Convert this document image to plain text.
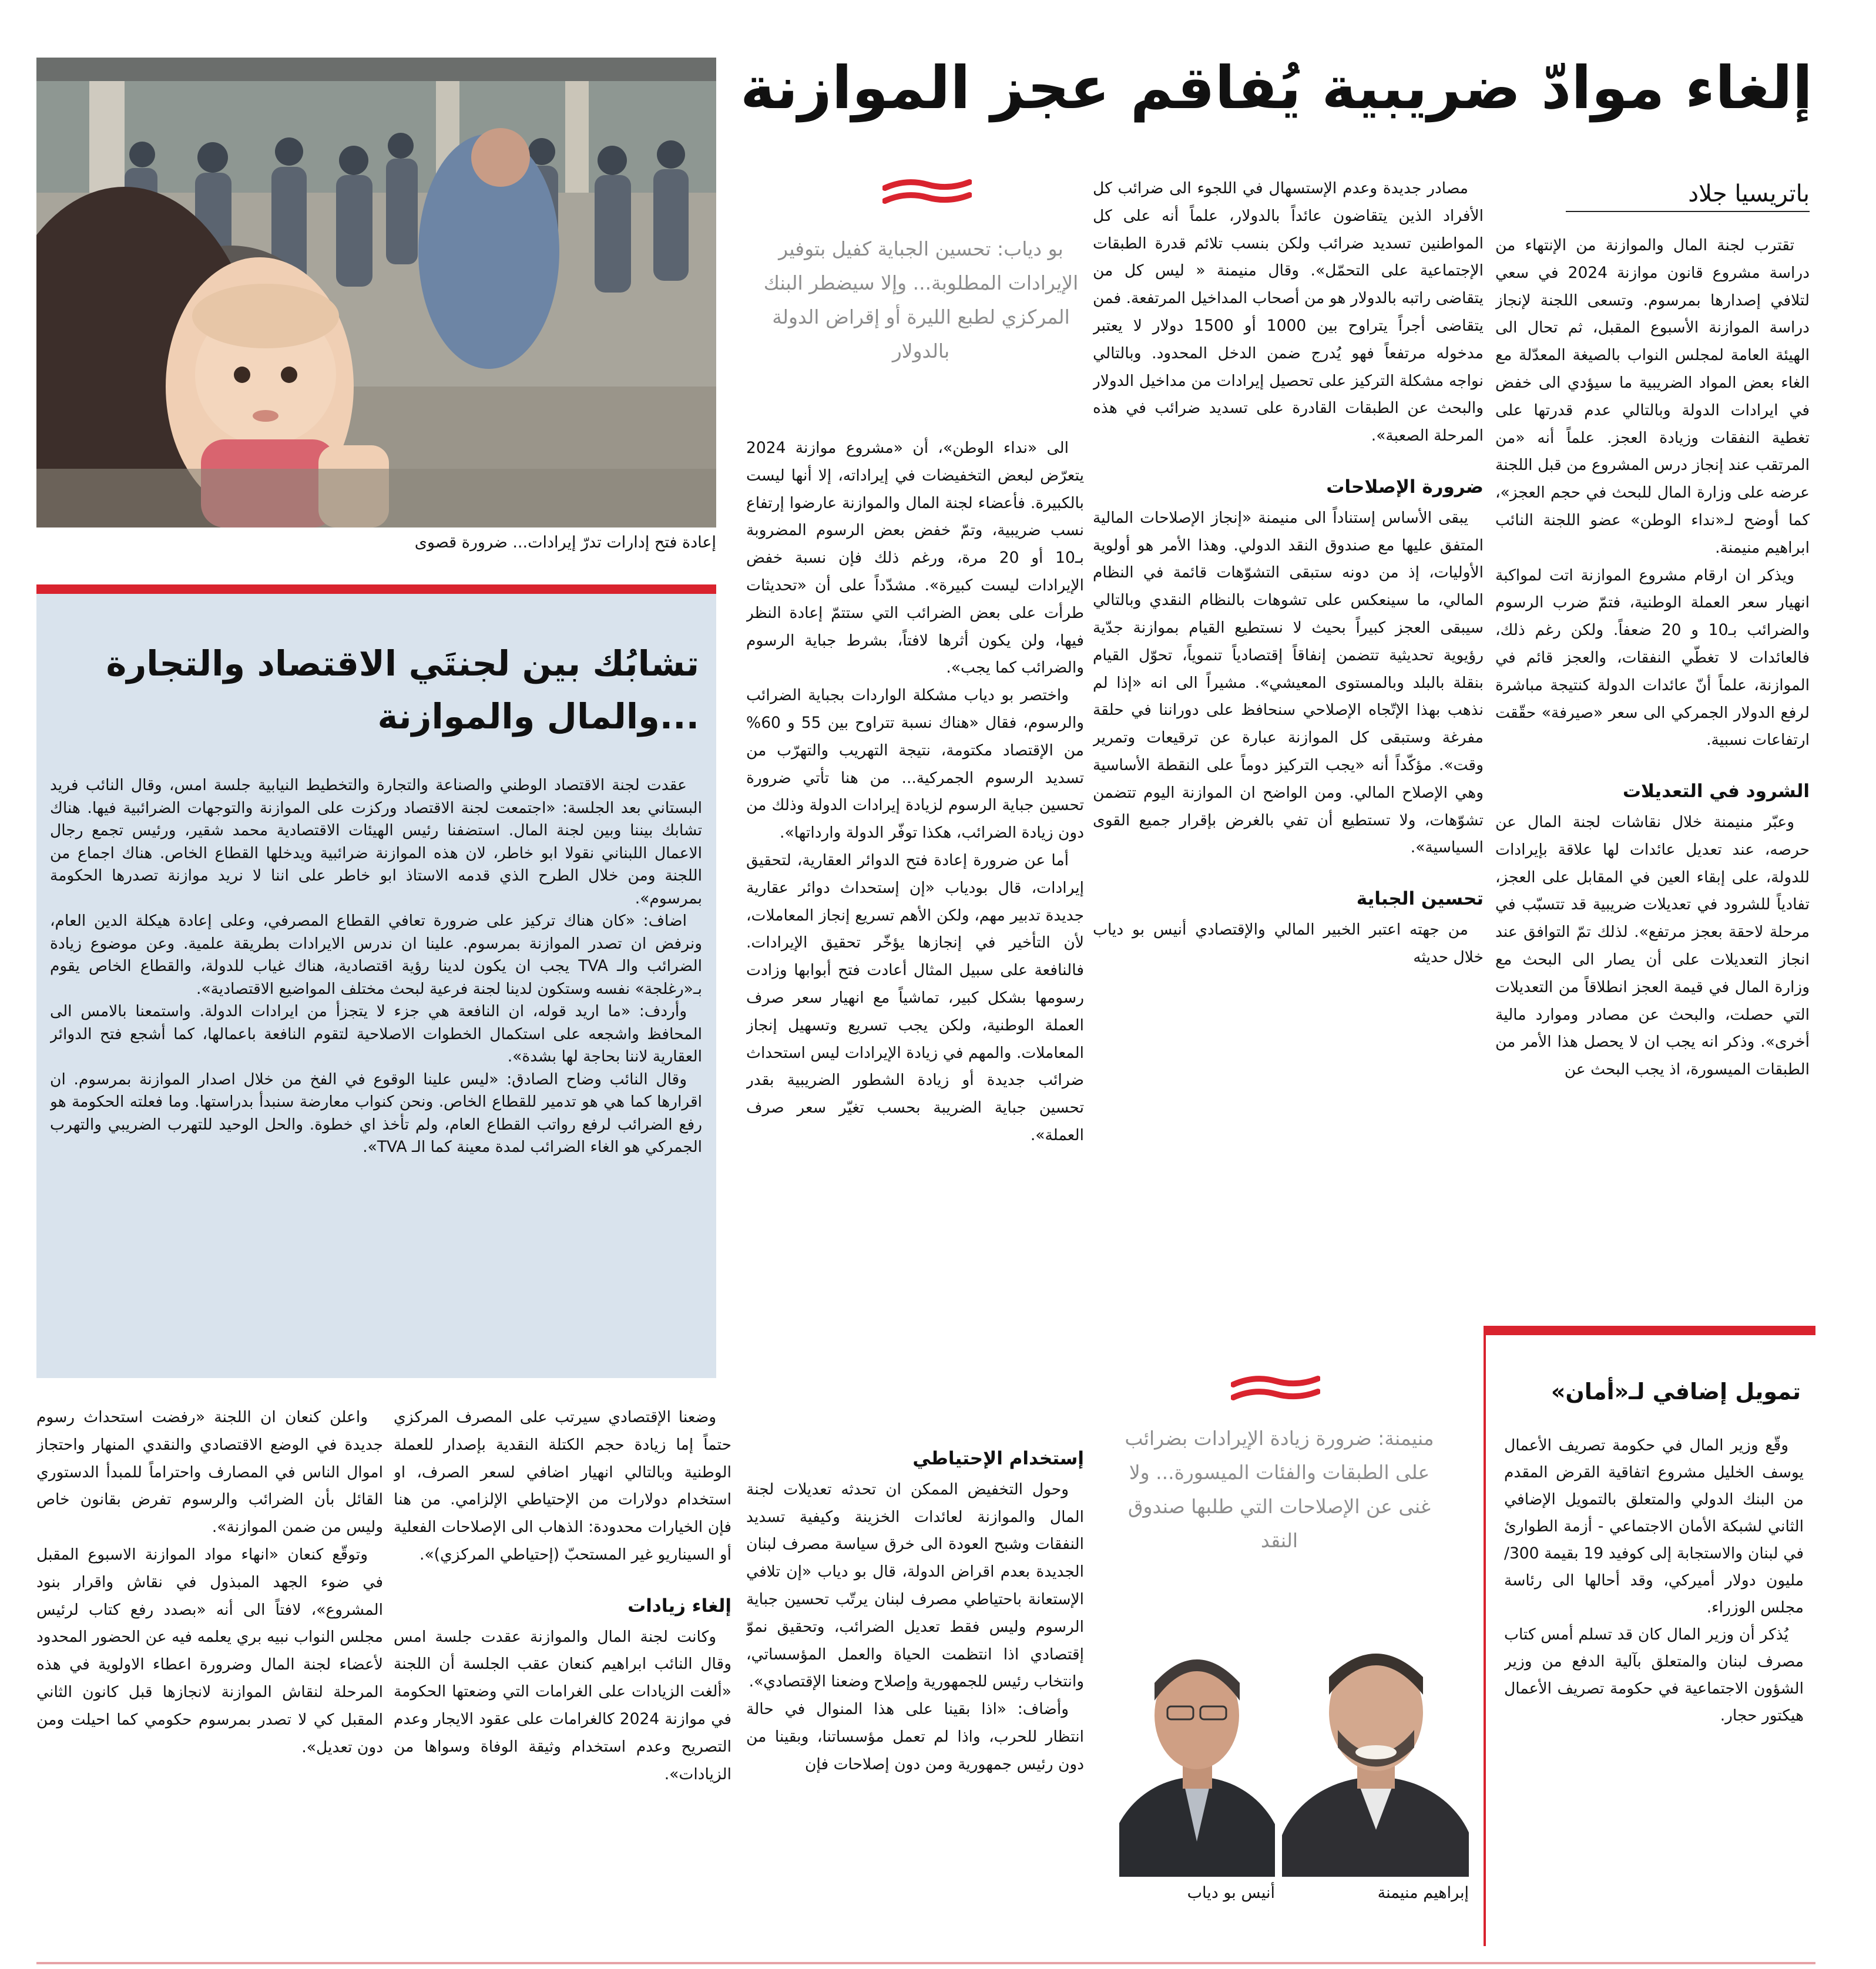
إلغاء موادّ ضريبية يُفاقم عجز الموازنة
باتريسيا جلاد

تقترب لجنة المال والموازنة من الإنتهاء من دراسة مشروع قانون موازنة 2024 في سعي لتلافي إصدارها بمرسوم. وتسعى اللجنة لإنجاز دراسة الموازنة الأسبوع المقبل، ثم تحال الى الهيئة العامة لمجلس النواب بالصيغة المعدّلة مع الغاء بعض المواد الضريبية ما سيؤدي الى خفض في ايرادات الدولة وبالتالي عدم قدرتها على تغطية النفقات وزيادة العجز. علماً أنه «من المرتقب عند إنجاز درس المشروع من قبل اللجنة عرضه على وزارة المال للبحث في حجم العجز»، كما أوضح لـ«نداء الوطن» عضو اللجنة النائب ابراهيم منيمنة.

ويذكر ان ارقام مشروع الموازنة اتت لمواكبة انهيار سعر العملة الوطنية، فتمّ ضرب الرسوم والضرائب بـ10 و 20 ضعفاً. ولكن رغم ذلك، فالعائدات لا تغطّي النفقات، والعجز قائم في الموازنة، علماً أنّ عائدات الدولة كنتيجة مباشرة لرفع الدولار الجمركي الى سعر «صيرفة» حقّقت ارتفاعات نسبية.

الشرود في التعديلات

وعبّر منيمنة خلال نقاشات لجنة المال عن حرصه، عند تعديل عائدات لها علاقة بإيرادات للدولة، على إبقاء العين في المقابل على العجز، تفادياً للشرود في تعديلات ضريبية قد تتسبّب في مرحلة لاحقة بعجز مرتفع». لذلك تمّ التوافق عند انجاز التعديلات على أن يصار الى البحث مع وزارة المال في قيمة العجز انطلاقاً من التعديلات التي حصلت، والبحث عن مصادر وموارد مالية أخرى». وذكر انه يجب ان لا يحصل هذا الأمر من الطبقات الميسورة، اذ يجب البحث عن

مصادر جديدة وعدم الإستسهال في اللجوء الى ضرائب كل الأفراد الذين يتقاضون عائداً بالدولار، علماً أنه على كل المواطنين تسديد ضرائب ولكن بنسب تلائم قدرة الطبقات الإجتماعية على التحمّل». وقال منيمنة « ليس كل من يتقاضى راتبه بالدولار هو من أصحاب المداخيل المرتفعة. فمن يتقاضى أجراً يتراوح بين 1000 أو 1500 دولار لا يعتبر مدخوله مرتفعاً فهو يُدرج ضمن الدخل المحدود. وبالتالي نواجه مشكلة التركيز على تحصيل إيرادات من مداخيل الدولار والبحث عن الطبقات القادرة على تسديد ضرائب في هذه المرحلة الصعبة».

ضرورة الإصلاحات

يبقى الأساس إستناداً الى منيمنة «إنجاز الإصلاحات المالية المتفق عليها مع صندوق النقد الدولي. وهذا الأمر هو أولوية الأوليات، إذ من دونه ستبقى التشوّهات قائمة في النظام المالي، ما سينعكس على تشوهات بالنظام النقدي وبالتالي سيبقى العجز كبيراً بحيث لا نستطيع القيام بموازنة جدّية رؤيوية تحديثية تتضمن إنفاقاً إقتصادياً تنموياً، تحوّل القيام بنقلة بالبلد وبالمستوى المعيشي». مشيراً الى انه «إذا لم نذهب بهذا الإتّجاه الإصلاحي سنحافظ على دوراننا في حلقة مفرغة وستبقى كل الموازنة عبارة عن ترقيعات وتمرير وقت». مؤكّداً أنه «يجب التركيز دوماً على النقطة الأساسية وهي الإصلاح المالي. ومن الواضح ان الموازنة اليوم تتضمن تشوّهات، ولا تستطيع أن تفي بالغرض بإقرار جميع القوى السياسية».

تحسين الجباية

من جهته اعتبر الخبير المالي والإقتصادي أنيس بو دياب خلال حديثه

الى «نداء الوطن»، أن «مشروع موازنة 2024 يتعرّض لبعض التخفيضات في إيراداته، إلا أنها ليست بالكبيرة. فأعضاء لجنة المال والموازنة عارضوا إرتفاع نسب ضريبية، وتمّ خفض بعض الرسوم المضروبة بـ10 أو 20 مرة، ورغم ذلك فإن نسبة خفض الإيرادات ليست كبيرة». مشدّداً على أن «تحديثات طرأت على بعض الضرائب التي ستتمّ إعادة النظر فيها، ولن يكون أثرها لافتاً، بشرط جباية الرسوم والضرائب كما يجب».

واختصر بو دياب مشكلة الواردات بجباية الضرائب والرسوم، فقال «هناك نسبة تتراوح بين 55 و 60% من الإقتصاد مكتومة، نتيجة التهريب والتهرّب من تسديد الرسوم الجمركية... من هنا تأتي ضرورة تحسين جباية الرسوم لزيادة إيرادات الدولة وذلك من دون زيادة الضرائب، هكذا توفّر الدولة وارداتها».

أما عن ضرورة إعادة فتح الدوائر العقارية، لتحقيق إيرادات، قال بودياب «إن إستحداث دوائر عقارية جديدة تدبير مهم، ولكن الأهم تسريع إنجاز المعاملات، لأن التأخير في إنجازها يؤخّر تحقيق الإيرادات. فالنافعة على سبيل المثال أعادت فتح أبوابها وزادت رسومها بشكل كبير، تماشياً مع انهيار سعر صرف العملة الوطنية، ولكن يجب تسريع وتسهيل إنجاز المعاملات. والمهم في زيادة الإيرادات ليس استحداث ضرائب جديدة أو زيادة الشطور الضريبية بقدر تحسين جباية الضريبة بحسب تغيّر سعر صرف العملة».

إستخدام الإحتياطي

وحول التخفيض الممكن ان تحدثه تعديلات لجنة المال والموازنة لعائدات الخزينة وكيفية تسديد النفقات وشبح العودة الى خرق سياسة مصرف لبنان الجديدة بعدم اقراض الدولة، قال بو دياب «إن تلافي الإستعانة باحتياطي مصرف لبنان يرتّب تحسين جباية الرسوم وليس فقط تعديل الضرائب، وتحقيق نموّ إقتصادي اذا انتظمت الحياة والعمل المؤسساتي، وانتخاب رئيس للجمهورية وإصلاح وضعنا الإقتصادي».

وأضاف: «اذا بقينا على هذا المنوال في حالة انتظار للحرب، واذا لم تعمل مؤسساتنا، وبقينا من دون رئيس جمهورية ومن دون إصلاحات فإن

وضعنا الإقتصادي سيرتب على المصرف المركزي حتماً إما زيادة حجم الكتلة النقدية بإصدار للعملة الوطنية وبالتالي انهيار اضافي لسعر الصرف، او استخدام دولارات من الإحتياطي الإلزامي. من هنا فإن الخيارات محدودة: الذهاب الى الإصلاحات الفعلية أو السيناريو غير المستحبّ (إحتياطي المركزي)».

إلغاء زيادات

وكانت لجنة المال والموازنة عقدت جلسة امس وقال النائب ابراهيم كنعان عقب الجلسة أن اللجنة «ألغت الزيادات على الغرامات التي وضعتها الحكومة في موازنة 2024 كالغرامات على عقود الايجار وعدم التصريح وعدم استخدام وثيقة الوفاة وسواها من الزيادات».

واعلن كنعان ان اللجنة «رفضت استحداث رسوم جديدة في الوضع الاقتصادي والنقدي المنهار واحتجاز اموال الناس في المصارف واحتراماً للمبدأ الدستوري القائل بأن الضرائب والرسوم تفرض بقانون خاص وليس من ضمن الموازنة».

وتوقّع كنعان «انهاء مواد الموازنة الاسبوع المقبل في ضوء الجهد المبذول في نقاش واقرار بنود المشروع»، لافتاً الى أنه «بصدد رفع كتاب لرئيس مجلس النواب نبيه بري يعلمه فيه عن الحضور المحدود لأعضاء لجنة المال وضرورة اعطاء الاولوية في هذه المرحلة لنقاش الموازنة لانجازها قبل كانون الثاني المقبل كي لا تصدر بمرسوم حكومي كما احيلت ومن دون تعديل».

بو دياب: تحسين الجباية كفيل بتوفير الإيرادات المطلوبة... وإلا سيضطر البنك المركزي لطبع الليرة أو إقراض الدولة بالدولار
منيمنة: ضرورة زيادة الإيرادات بضرائب على الطبقات والفئات الميسورة... ولا غنى عن الإصلاحات التي طلبها صندوق النقد
إعادة فتح إدارات تدرّ إيرادات... ضرورة قصوى
تشابُك بين لجنتَي الاقتصاد والتجارة
...والمال والموازنة

عقدت لجنة الاقتصاد الوطني والصناعة والتجارة والتخطيط النيابية جلسة امس، وقال النائب فريد البستاني بعد الجلسة: «اجتمعت لجنة الاقتصاد وركزت على الموازنة والتوجهات الضرائبية فيها. هناك تشابك بيننا وبين لجنة المال. استضفنا رئيس الهيئات الاقتصادية محمد شقير، ورئيس تجمع رجال الاعمال اللبناني نقولا ابو خاطر، لان هذه الموازنة ضرائبية ويدخلها القطاع الخاص. هناك اجماع من اللجنة ومن خلال الطرح الذي قدمه الاستاذ ابو خاطر على اننا لا نريد موازنة تصدرها الحكومة بمرسوم».

اضاف: «كان هناك تركيز على ضرورة تعافي القطاع المصرفي، وعلى إعادة هيكلة الدين العام، ونرفض ان تصدر الموازنة بمرسوم. علينا ان ندرس الايرادات بطريقة علمية. وعن موضوع زيادة الضرائب والـ TVA يجب ان يكون لدينا رؤية اقتصادية، هناك غياب للدولة، والقطاع الخاص يقوم بـ«رغلجة» نفسه وستكون لدينا لجنة فرعية لبحث مختلف المواضيع الاقتصادية».

وأردف: «ما اريد قوله، ان النافعة هي جزء لا يتجزأ من ايرادات الدولة. واستمعنا بالامس الى المحافظ واشجعه على استكمال الخطوات الاصلاحية لتقوم النافعة باعمالها، كما أشجع فتح الدوائر العقارية لاننا بحاجة لها بشدة».

وقال النائب وضاح الصادق: «ليس علينا الوقوع في الفخ من خلال اصدار الموازنة بمرسوم. ان اقرارها كما هي هو تدمير للقطاع الخاص. ونحن كنواب معارضة سنبدأ بدراستها. وما فعلته الحكومة هو رفع الضرائب لرفع رواتب القطاع العام، ولم تأخذ اي خطوة. والحل الوحيد للتهرب الضريبي والتهرب الجمركي هو الغاء الضرائب لمدة معينة كما الـ TVA».

تمويل إضافي لـ«أمان»

وقّع وزير المال في حكومة تصريف الأعمال يوسف الخليل مشروع اتفاقية القرض المقدم من البنك الدولي والمتعلق بالتمويل الإضافي الثاني لشبكة الأمان الاجتماعي - أزمة الطوارئ في لبنان والاستجابة إلى كوفيد 19 بقيمة 300/ مليون دولار أميركي، وقد أحالها الى رئاسة مجلس الوزراء.

يُذكر أن وزير المال كان قد تسلم أمس كتاب مصرف لبنان والمتعلق بآلية الدفع من وزير الشؤون الاجتماعية في حكومة تصريف الأعمال هيكتور حجار.

إبراهيم منيمنة
أنيس بو دياب
